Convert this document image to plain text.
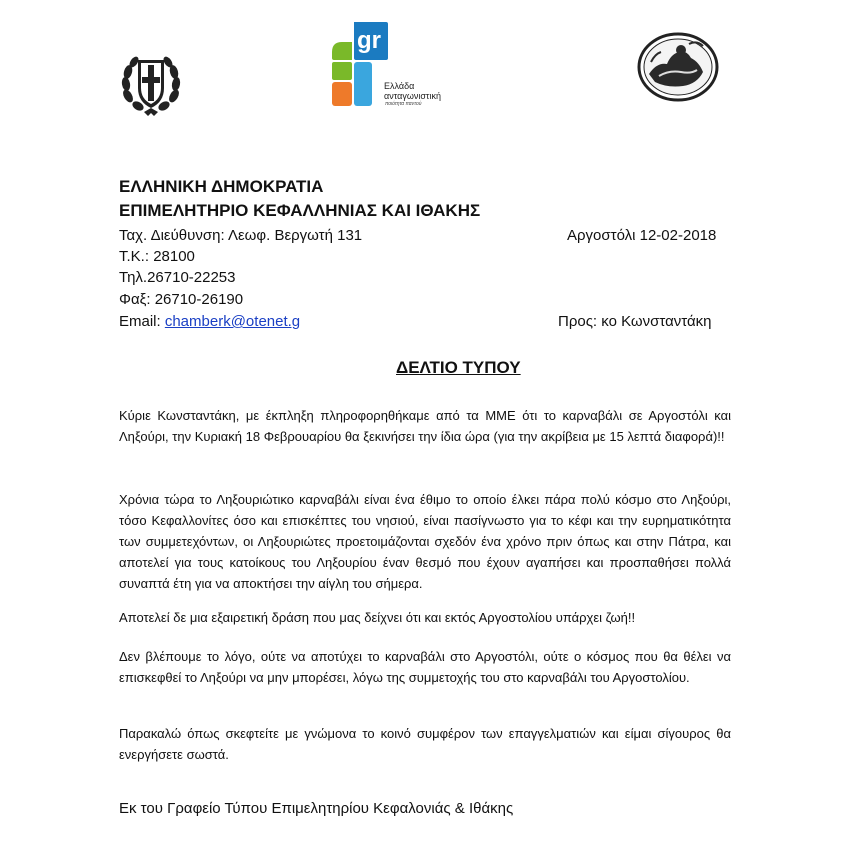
gr
Ελλάδα
ανταγωνιστική
ποιότητα παντού
ΕΛΛΗΝΙΚΗ ΔΗΜΟΚΡΑΤΙΑ
ΕΠΙΜΕΛΗΤΗΡΙΟ ΚΕΦΑΛΛΗΝΙΑΣ ΚΑΙ ΙΘΑΚΗΣ
Ταχ. Διεύθυνση: Λεωφ. Βεργωτή 131
Τ.Κ.: 28100
Τηλ.26710-22253
Φαξ: 26710-26190
Email: chamberk@otenet.g
Αργοστόλι 12-02-2018
Προς: κο Κωνσταντάκη
ΔΕΛΤΙΟ ΤΥΠΟΥ

Κύριε Κωνσταντάκη, με έκπληξη πληροφορηθήκαμε από τα ΜΜΕ ότι το καρναβάλι σε Αργοστόλι και Ληξούρι, την Κυριακή 18 Φεβρουαρίου θα ξεκινήσει την ίδια ώρα (για την ακρίβεια με 15 λεπτά διαφορά)!!

Χρόνια τώρα το Ληξουριώτικο καρναβάλι είναι ένα έθιμο το οποίο έλκει πάρα πολύ κόσμο στο Ληξούρι, τόσο Κεφαλλονίτες όσο και επισκέπτες του νησιού, είναι πασίγνωστο για το κέφι και την ευρηματικότητα των συμμετεχόντων, οι Ληξουριώτες προετοιμάζονται σχεδόν ένα χρόνο πριν όπως και στην Πάτρα, και αποτελεί για τους κατοίκους του Ληξουρίου έναν θεσμό που έχουν αγαπήσει και προσπαθήσει πολλά συναπτά έτη για να αποκτήσει την αίγλη του σήμερα.

Αποτελεί δε μια εξαιρετική δράση που μας δείχνει ότι και εκτός Αργοστολίου υπάρχει ζωή!!

Δεν βλέπουμε το λόγο, ούτε να αποτύχει το καρναβάλι στο Αργοστόλι, ούτε ο κόσμος που θα θέλει να επισκεφθεί το Ληξούρι να μην μπορέσει, λόγω της συμμετοχής του στο καρναβάλι του Αργοστολίου.

Παρακαλώ όπως σκεφτείτε με γνώμονα το κοινό συμφέρον των επαγγελματιών και είμαι σίγουρος θα ενεργήσετε σωστά.

Εκ του Γραφείο Τύπου Επιμελητηρίου Κεφαλονιάς & Ιθάκης
